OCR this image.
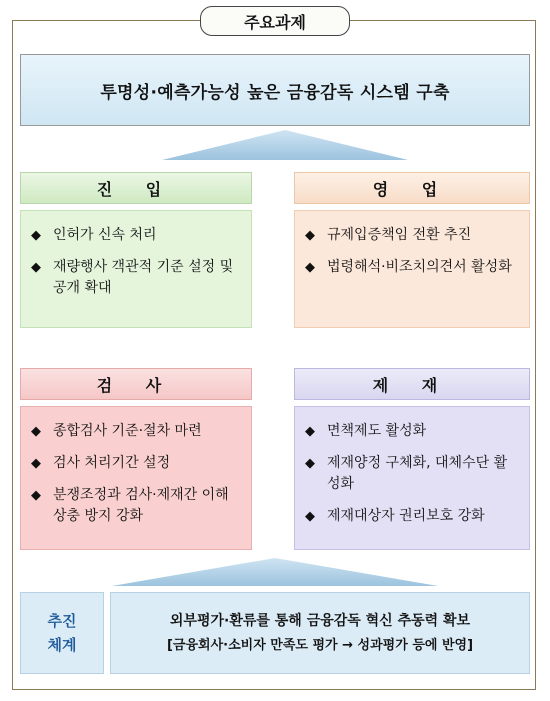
주요과제
투명성·예측가능성 높은 금융감독 시스템 구축
진 입
◆ 인허가 신속 처리
◆ 재량행사 객관적 기준 설정 및 공개 확대
영 업
◆ 규제입증책임 전환 추진
◆ 법령해석·비조치의견서 활성화
검 사
◆ 종합검사 기준·절차 마련
◆ 검사 처리기간 설정
◆ 분쟁조정과 검사·제재간 이해상충 방지 강화
제 재
◆ 면책제도 활성화
◆ 제재양정 구체화, 대체수단 활성화
◆ 제재대상자 권리보호 강화
추진
체계
외부평가·환류를 통해 금융감독 혁신 추동력 확보
[금융회사·소비자 만족도 평가 → 성과평가 등에 반영]
